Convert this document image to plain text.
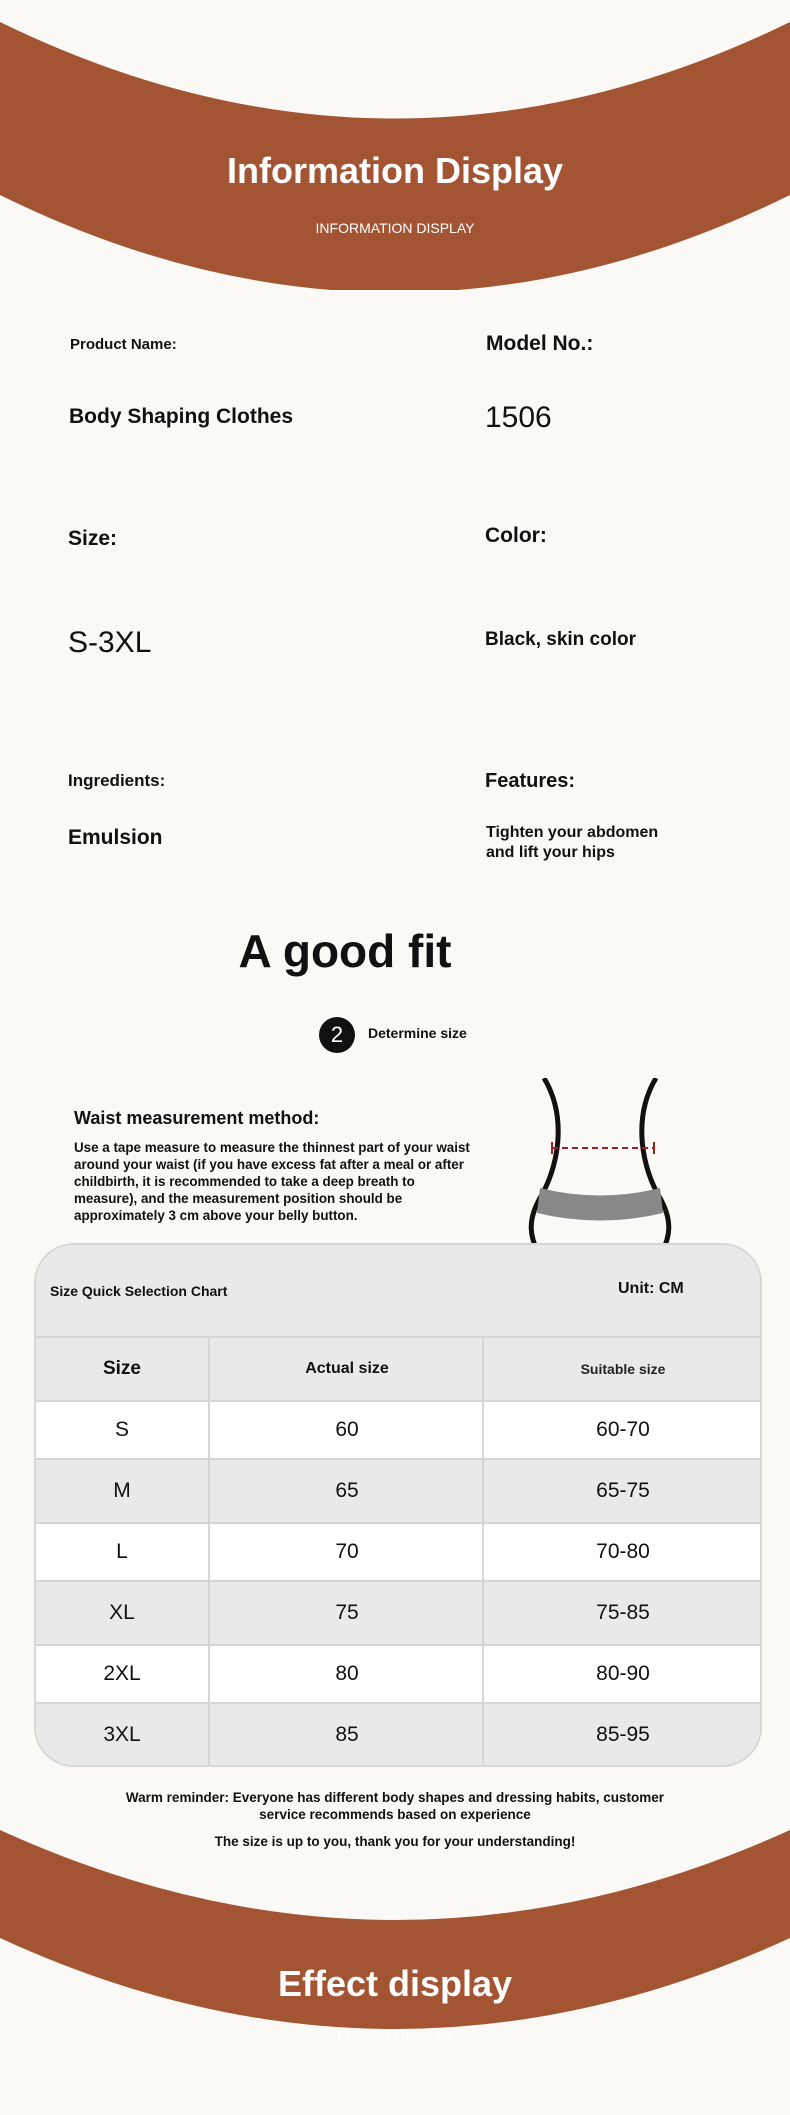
Information Display
INFORMATION DISPLAY
Product Name:	Model No.:
Body Shaping Clothes	1506
Size:	Color:
S-3XL	Black, skin color
Ingredients:	Features:
Emulsion	Tighten your abdomen
and lift your hips
A good fit
2	Determine size
Waist measurement method:
Use a tape measure to measure the thinnest part of your waist
around your waist (if you have excess fat after a meal or after
childbirth, it is recommended to take a deep breath to
measure), and the measurement position should be
approximately 3 cm above your belly button.
Size Quick Selection Chart	Unit: CM
Size	Actual size	Suitable size
S	60	60-70
M	65	65-75
L	70	70-80
XL	75	75-85
2XL	80	80-90
3XL	85	85-95
Warm reminder: Everyone has different body shapes and dressing habits, customer
service recommends based on experience
The size is up to you, thank you for your understanding!
Effect display
EFFECT DISPLAY
